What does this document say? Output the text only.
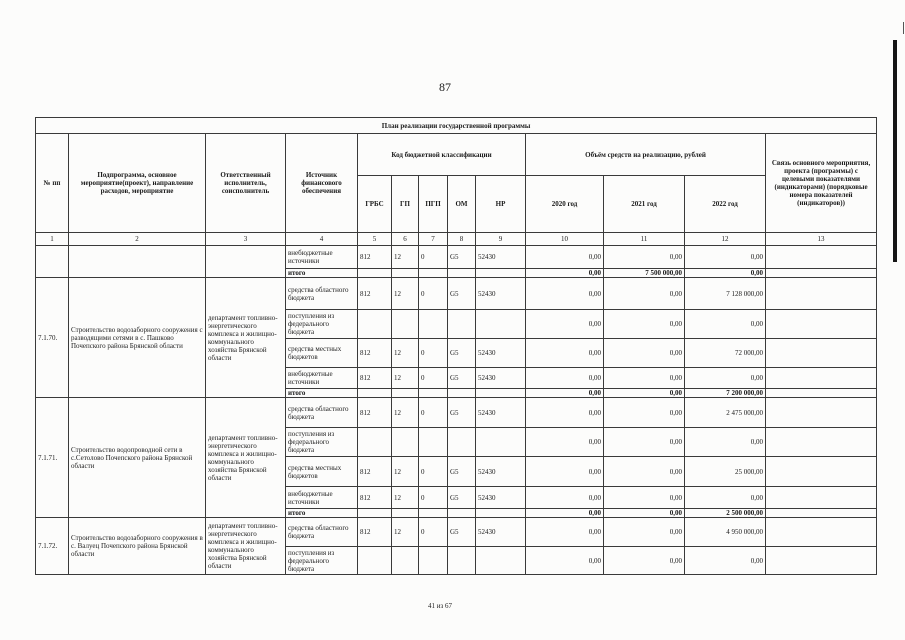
87
План реализации государственной программы												
№ пп	Подпрограмма, основное мероприятие(проект), направление расходов, мероприятие	Ответственный исполнитель, соисполнитель	Источник финансового обеспечения	Код бюджетной классификации					Объём средств на реализацию, рублей			Связь основного мероприятия, проекта (программы) с целевыми показателями (индикаторами) (порядковые номера показателей (индикаторов))
				ГРБС	ГП	ПГП	ОМ	НР	2020 год	2021 год	2022 год	
1	2	3	4	5	6	7	8	9	10	11	12	13
			внебюджетные источники	812	12	0	G5	52430	0,00	0,00	0,00	
			итого						0,00	7 500 000,00	0,00	
7.1.70.	Строительство водозаборного сооружения с разводящими сетями в с. Пашково Почепского района Брянской области	департамент топливно-энергетического комплекса и жилищно-коммунального хозяйства Брянской области	средства областного бюджета	812	12	0	G5	52430	0,00	0,00	7 128 000,00	
			поступления из федерального бюджета						0,00	0,00	0,00	
			средства местных бюджетов	812	12	0	G5	52430	0,00	0,00	72 000,00	
			внебюджетные источники	812	12	0	G5	52430	0,00	0,00	0,00	
			итого						0,00	0,00	7 200 000,00	
7.1.71.	Строительство водопроводной сети в с.Сетолово Почепского района Брянской области	департамент топливно-энергетического комплекса и жилищно-коммунального хозяйства Брянской области	средства областного бюджета	812	12	0	G5	52430	0,00	0,00	2 475 000,00	
			поступления из федерального бюджета						0,00	0,00	0,00	
			средства местных бюджетов	812	12	0	G5	52430	0,00	0,00	25 000,00	
			внебюджетные источники	812	12	0	G5	52430	0,00	0,00	0,00	
			итого						0,00	0,00	2 500 000,00	
7.1.72.	Строительство водозаборного сооружения в с. Валуец Почепского района Брянской области	департамент топливно-энергетического комплекса и жилищно-коммунального хозяйства Брянской области	средства областного бюджета	812	12	0	G5	52430	0,00	0,00	4 950 000,00	
			поступления из федерального бюджета						0,00	0,00	0,00	
41 из 67
